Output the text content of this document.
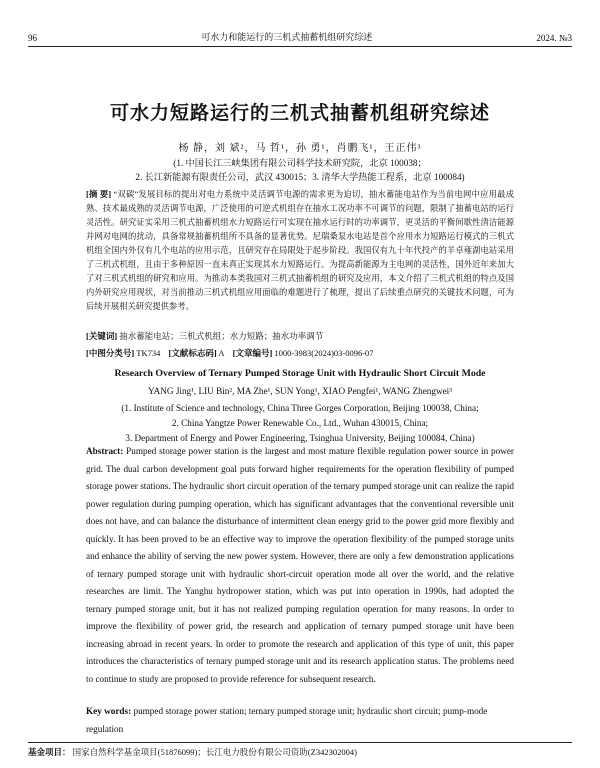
96	可水力和能运行的三机式抽蓄机组研究综述	2024. №3
可水力短路运行的三机式抽蓄机组研究综述
杨 静，刘 斌²，马 哲¹，孙 勇¹，肖鹏飞¹，王正伟³
(1. 中国长江三峡集团有限公司科学技术研究院，北京 100038；
2. 长江新能源有限责任公司，武汉 430015；3. 清华大学热能工程系，北京 100084)
[摘 要] “双碳”发展目标的提出对电力系统中灵活调节电源的需求更为迫切，抽水蓄能电站作为当前电网中应用最成熟、技术最成熟的灵活调节电源，广泛使用的可逆式机组存在抽水工况功率不可调节的问题，限制了抽蓄电站的运行灵活性。研究证实采用三机式抽蓄机组水力短路运行可实现在抽水运行时的功率调节，更灵活的平衡间歇性清洁能源并网对电网的扰动，具备常规抽蓄机组所不具备的显著优势。尼瑞桑泵水电站是首个应用水力短路运行模式的三机式机组全国内外仅有几个电站的应用示范，且研究存在局限处于起步阶段。我国仅有九十年代投产的羊卓雍湖电站采用了三机式机组，且由于多种原因一直未真正实现其水力短路运行。为提高新能源为主电网的灵活性，国外近年来加大了对三机式机组的研究和应用。为推动本类我国对三机式抽蓄机组的研究及应用，本文介绍了三机式机组的特点及国内外研究应用现状，对当前推动三机式机组应用面临的难题进行了梳理，提出了后续重点研究的关键技术问题，可为后续开展相关研究提供参考。
[关键词] 抽水蓄能电站；三机式机组；水力短路；抽水功率调节
[中图分类号] TK734 [文献标志码] A [文章编号] 1000-3983(2024)03-0096-07
Research Overview of Ternary Pumped Storage Unit with Hydraulic Short Circuit Mode
YANG Jing¹, LIU Bin², MA Zhe¹, SUN Yong¹, XIAO Pengfei¹, WANG Zhengwei³
(1. Institute of Science and technology, China Three Gorges Corporation, Beijing 100038, China;
2. China Yangtze Power Renewable Co., Ltd., Wuhan 430015, China;
3. Department of Energy and Power Engineering, Tsinghua University, Beijing 100084, China)
Abstract: Pumped storage power station is the largest and most mature flexible regulation power source in power grid. The dual carbon development goal puts forward higher requirements for the operation flexibility of pumped storage power stations. The hydraulic short circuit operation of the ternary pumped storage unit can realize the rapid power regulation during pumping operation, which has significant advantages that the conventional reversible unit does not have, and can balance the disturbance of intermittent clean energy grid to the power grid more flexibly and quickly. It has been proved to be an effective way to improve the operation flexibility of the pumped storage units and enhance the ability of serving the new power system. However, there are only a few demonstration applications of ternary pumped storage unit with hydraulic short-circuit operation mode all over the world, and the relative researches are limit. The Yanghu hydropower station, which was put into operation in 1990s, had adopted the ternary pumped storage unit, but it has not realized pumping regulation operation for many reasons. In order to improve the flexibility of power grid, the research and application of ternary pumped storage unit have been increasing abroad in recent years. In order to promote the research and application of this type of unit, this paper introduces the characteristics of ternary pumped storage unit and its research application status. The problems need to continue to study are proposed to provide reference for subsequent research.
Key words: pumped storage power station; ternary pumped storage unit; hydraulic short circuit; pump-mode regulation
基金项目： 国家自然科学基金项目(51876099)；长江电力股份有限公司资助(Z342302004)
